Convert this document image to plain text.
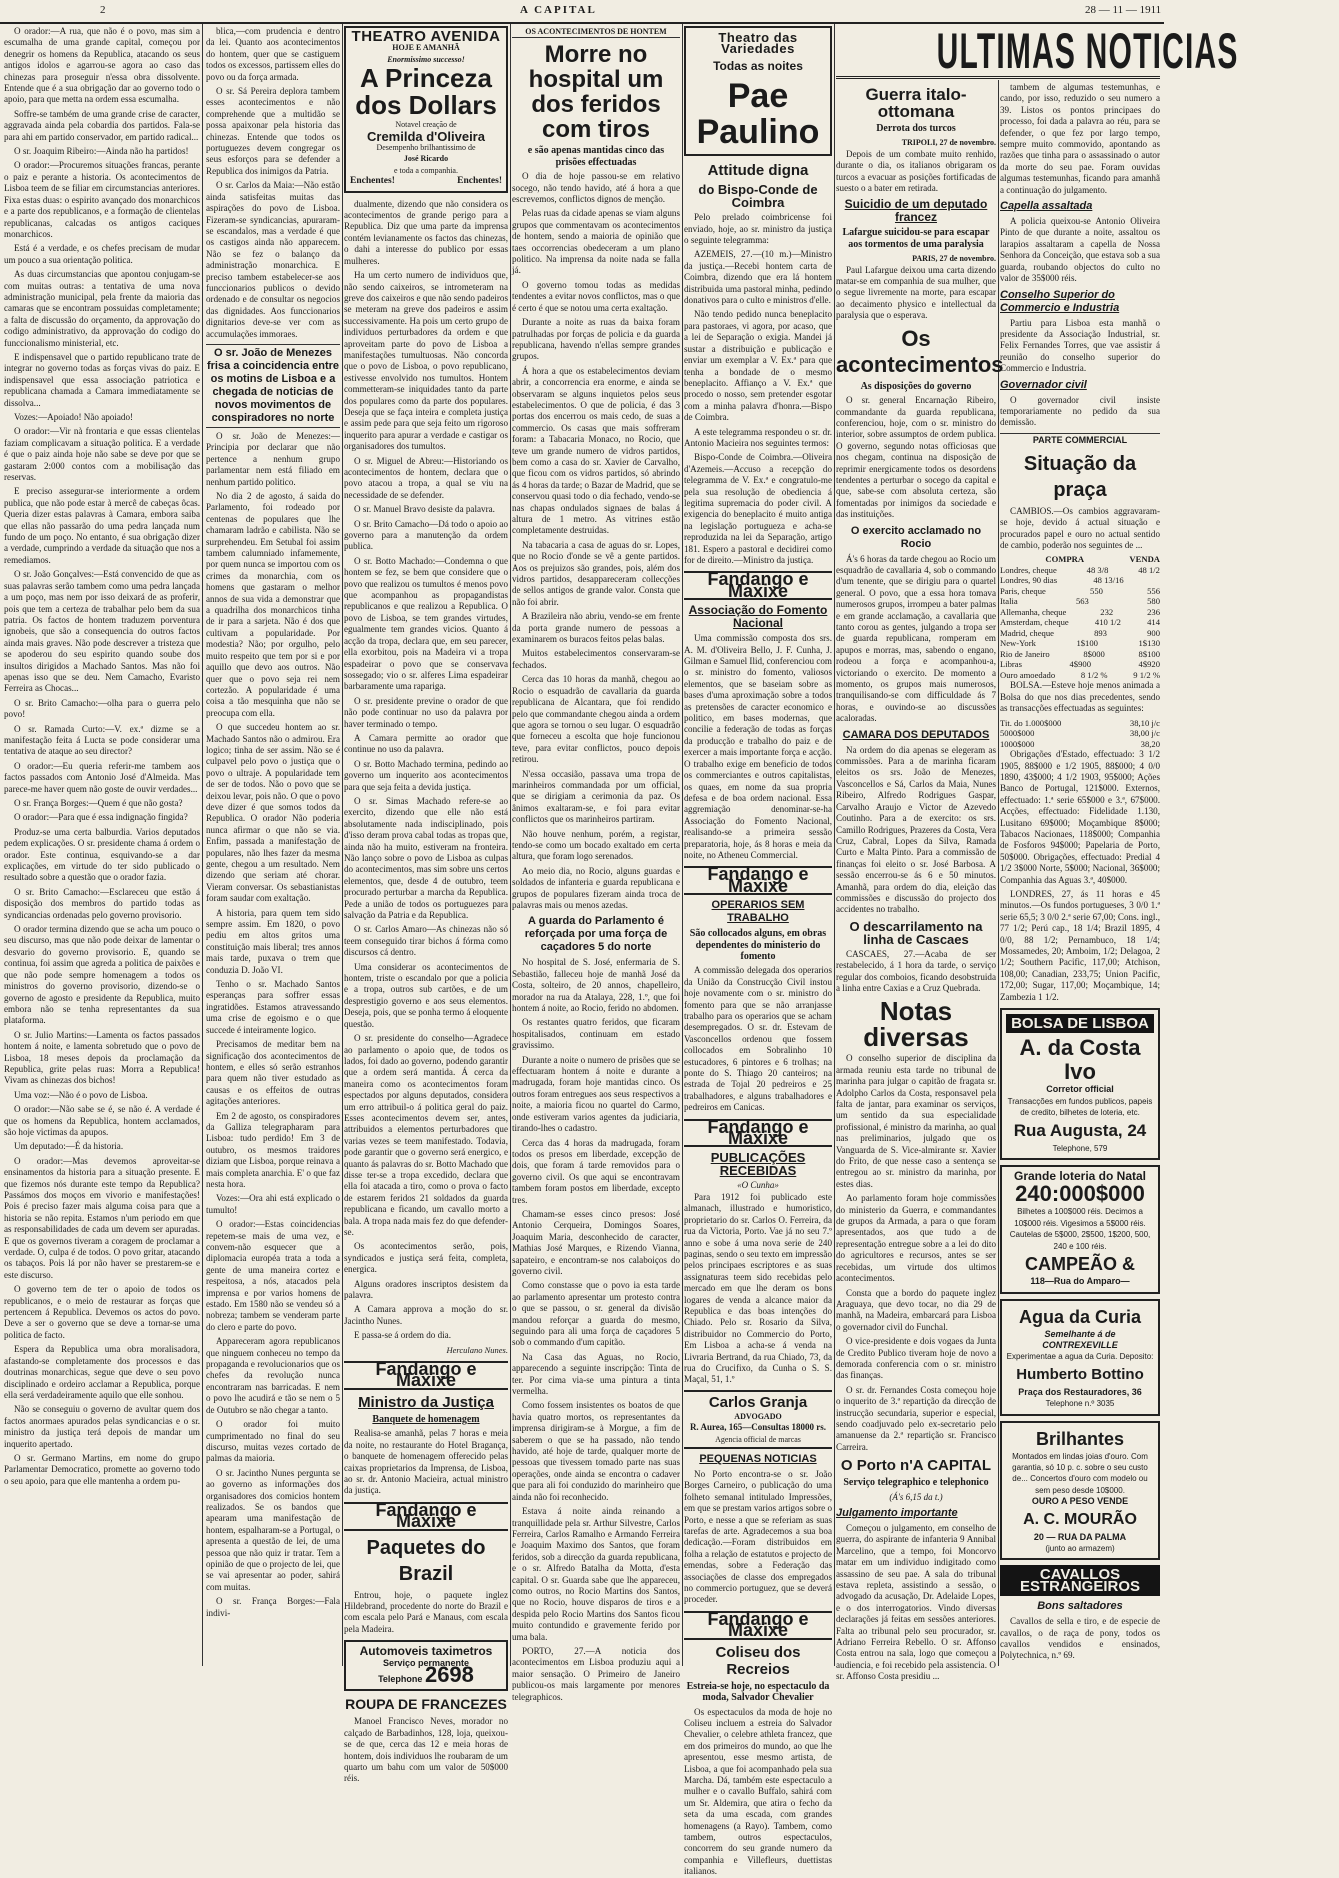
2	A CAPITAL	28 — 11 — 1911

O orador:—A rua, que não é o povo, mas sim a escumalha de uma grande capital, começou por denegrir os homens da Republica, atacando os seus antigos idolos e agarrou-se agora ao caso das chinezas para proseguir n'essa obra dissolvente. Entende que é a sua obrigação dar ao governo todo o apoio, para que metta na ordem essa escumalha.

Soffre-se também de uma grande crise de caracter, aggravada ainda pela cobardia dos partidos. Fala-se para ahi em partido conservador, em partido radical...

O sr. Joaquim Ribeiro:—Ainda não ha partidos!

O orador:—Procuremos situações francas, perante o paiz e perante a historia. Os acontecimentos de Lisboa teem de se filiar em circumstancias anteriores. Fixa estas duas: o espirito avançado dos monarchicos e a parte dos republicanos, e a formação de clientelas republicanas, calcadas os antigos caciques monarchicos.

Está é a verdade, e os chefes precisam de mudar um pouco a sua orientação politica.

As duas circumstancias que apontou conjugam-se com muitas outras: a tentativa de uma nova administração municipal, pela frente da maioria das camaras que se encontram possuidas completamente; a falta de discussão do orçamento, da approvação do codigo administrativo, da approvação do codigo do funccionalismo ministerial, etc.

E indispensavel que o partido republicano trate de integrar no governo todas as forças vivas do paiz. E indispensavel que essa associação patriotica e republicana chamada a Camara immediatamente se dissolva...

Vozes:—Apoiado! Não apoiado!

O orador:—Vir nà frontaria e que essas clientelas faziam complicavam a situação politica. E a verdade é que o paiz ainda hoje não sabe se deve por que se gastaram 2:000 contos com a mobilisação das reservas.

E preciso assegurar-se interiormente a ordem publica, que não pode estar à mercê de cabeças ôcas. Queria dizer estas palavras à Camara, embora saiba que ellas não passarão do uma pedra lançada num fundo de um poço. No entanto, é sua obrigação dizer a verdade, cumprindo a verdade da situação que nos a remediamos.

O sr. João Gonçalves:—Está convencido de que as suas palavras serão tambem como uma pedra lançada a um poço, mas nem por isso deixará de as proferir, pois que tem a certeza de trabalhar pelo bem da sua patria. Os factos de hontem traduzem porventura ignobeis, que são a consequencia do outros factos ainda mais graves. Não pode descrever a tristeza que se apoderou do seu espirito quando soube dos insultos dirigidos a Machado Santos. Mas não foi apenas isso que se deu. Nem Camacho, Evaristo Ferreira as Chocas...

O sr. Brito Camacho:—olha para o guerra pelo povo!

O sr. Ramada Curto:—V. ex.ª dizme se a manifestação feita á Lucta se pode considerar uma tentativa de ataque ao seu director?

O orador:—Eu queria referir-me tambem aos factos passados com Antonio José d'Almeida. Mas parece-me haver quem não goste de ouvir verdades...

O sr. França Borges:—Quem é que não gosta?

O orador:—Para que é essa indignação fingida?

Produz-se uma certa balburdia. Varios deputados pedem explicações. O sr. presidente chama á ordem o orador. Este continua, esquivando-se a dar explicações, em virtude do ter sido publicado o resultado sobre a questão que o orador fazia.

O sr. Brito Camacho:—Esclareceu que estão á disposição dos membros do partido todas as syndicancias ordenadas pelo governo provisorio.

O orador termina dizendo que se acha um pouco o seu discurso, mas que não pode deixar de lamentar o desvario do governo provisorio. E, quando se continua, foi assim que agreda a politica de paixões e que não pode sempre homenagem a todos os ministros do governo provisorio, dizendo-se o governo de agosto e presidente da Republica, muito embora não se tenha representantes da sua plataforma.

O sr. Julio Martins:—Lamenta os factos passados hontem á noite, e lamenta sobretudo que o povo de Lisboa, 18 meses depois da proclamação da Republica, grite pelas ruas: Morra a Republica! Vivam as chinezas dos bichos!

Uma voz:—Não é o povo de Lisboa.

O orador:—Não sabe se é, se não é. A verdade é que os homens da Republica, hontem acclamados, são hoje victimas da apupos.

Um deputado:—É da historia.

O orador:—Mas devemos aproveitar-se ensinamentos da historia para a situação presente. E que fizemos nós durante este tempo da Republica? Passámos dos moços em vivorio e manifestações! Pois é preciso fazer mais alguma coisa para que a historia se não repita. Estamos n'um periodo em que as responsabilidades de cada um devem ser apuradas. E que os governos tiveram a coragem de proclamar a verdade. O, culpa é de todos. O povo gritar, atacando os tabaços. Pois lá por não haver se prestarem-se e este discurso.

O governo tem de ter o apoio de todos os republicanos, e o meio de restaurar as forças que pertencem á Republica. Devemos os actos do povo. Deve a ser o governo que se deve a tornar-se uma politica de facto.

Espera da Republica uma obra moralisadora, afastando-se completamente dos processos e das doutrinas monarchicas, segue que deve o seu povo disciplinado e ordeiro acclamar a Republica, porque ella será verdadeiramente aquilo que elle sonhou.

Não se conseguiu o governo de avultar quem dos factos anormaes apurados pelas syndicancias e o sr. ministro da justiça terá depois de mandar um inquerito apertado.

O sr. Germano Martins, em nome do grupo Parlamentar Democratico, promette ao governo todo o seu apoio, para que elle mantenha a ordem pu-

blica,—com prudencia e dentro da lei. Quanto aos acontecimentos do hontem, quer que se castiguem todos os excessos, partissem elles do povo ou da força armada.

O sr. Sá Pereira deplora tambem esses acontecimentos e não comprehende que a multidão se possa apaixonar pela historia das chinezas. Entende que todos os portuguezes devem congregar os seus esforços para se defender a Republica dos inimigos da Patria.

O sr. Carlos da Maia:—Não estão ainda satisfeitas muitas das aspirações do povo de Lisboa. Fizeram-se syndicancias, apuraram-se escandalos, mas a verdade é que os castigos ainda não apparecem. Não se fez o balanço da administração monarchica. E preciso tambem estabelecer-se aos funccionarios publicos o devido ordenado e de consultar os negocios das dignidades. Aos funccionarios dignitarios deve-se ver com as accumulações immoraes.

O sr. João de Menezes frisa a coincidencia entre os motins de Lisboa e a chegada de noticias de novos movimentos de conspiradores no norte

O sr. João de Menezes:—Principia por declarar que não pertence a nenhum grupo parlamentar nem está filiado em nenhum partido politico.

No dia 2 de agosto, á saida do Parlamento, foi rodeado por centenas de populares que lhe chamaram ladrão e cabilista. Não se surprehendeu. Em Setubal foi assim tambem calumniado infamemente, por quem nunca se importou com os crimes da monarchia, com os homens que gastaram o melhor annos de sua vida a demonstrar que a quadrilha dos monarchicos tinha de ir para a sarjeta. Não é dos que cultivam a popularidade. Por modestia? Não; por orgulho, pelo muito respeito que tem por si e por aquillo que devo aos outros. Não quer que o povo seja rei nem cortezão. A popularidade é uma coisa a tão mesquinha que não se preocupa com ella.

O que succedeu hontem ao sr. Machado Santos não o admirou. Era logico; tinha de ser assim. Não se é culpavel pelo povo o justiça que o povo o ultraje. A popularidade tem de ser de todos. Não o povo que se deixou levar, pois não. O que o povo deve dizer é que somos todos da Republica. O orador Não poderia nunca afirmar o que não se via. Enfim, passada a manifestação de populares, não lhes fazer da mesma gente, chegou a um resultado. Nem dizendo que seriam até chorar. Vieram conversar. Os sebastianistas foram saudar com exaltação.

A historia, para quem tem sido sempre assim. Em 1820, o povo pediu em altos gritos uma constituição mais liberal; tres annos mais tarde, puxava o trem que conduzia D. João VI.

Tenho o sr. Machado Santos esperanças para soffrer essas ingratidões. Estamos atravessando uma crise de egoismo e o que succede é inteiramente logico.

Precisamos de meditar bem na significação dos acontecimentos de hontem, e elles só serão estranhos para quem não tiver estudado as causas e os effeitos de outras agitações anteriores.

Em 2 de agosto, os conspiradores da Galliza telegrapharam para Lisboa: tudo perdido! Em 3 de outubro, os mesmos traidores diziam que Lisboa, porque reinava a mais completa anarchia. E' o que faz nesta hora.

Vozes:—Ora ahi está explicado o tumulto!

O orador:—Estas coincidencias repetem-se mais de uma vez, e convem-não esquecer que a diplomacia européa trata a toda a gente de uma maneira cortez e respeitosa, a nós, atacados pela imprensa e por varios homens de estado. Em 1580 não se vendeu só a nobreza; tambem se venderam parte do clero e parte do povo.

Appareceram agora republicanos que ninguem conheceu no tempo da propaganda e revolucionarios que os chefes da revolução nunca encontraram nas barricadas. E nem o povo lhe acudirá e tão se nem o 5 de Outubro se não chegar a tanto.

O orador foi muito cumprimentado no final do seu discurso, muitas vezes cortado de palmas da maioria.

O sr. Jacintho Nunes pergunta se ao governo as informações dos organisadores dos comicios hontem realizados. Se os bandos que apearam uma manifestação de hontem, espalharam-se a Portugal, o apresenta a questão de lei, de uma pessoa que não quiz ir tratar. Tem a opinião de que o projecto de lei, que se vai apresentar ao poder, sahirá com muitas.

O sr. França Borges:—Fala indivi-

THEATRO AVENIDA
HOJE E AMANHÃ
Enormissimo successo!
A Princeza dos Dollars
Notavel creação de
Cremilda d'Oliveira
Desempenho brilhantissimo de
José Ricardo
e toda a companhia.
Enchentes!	Enchentes!

dualmente, dizendo que não considera os acontecimentos de grande perigo para a Republica. Diz que uma parte da imprensa contém levianamente os factos das chinezas, o dahi a interesse do publico por essas mulheres.

Ha um certo numero de individuos que, não sendo caixeiros, se intrometeram na greve dos caixeiros e que não sendo padeiros se meteram na greve dos padeiros e assim successivamente. Ha pois um certo grupo de individuos perturbadores da ordem e que aproveitam parte do povo de Lisboa a manifestações tumultuosas. Não concorda que o povo de Lisboa, o povo republicano, estivesse envolvido nos tumultos. Hontem commetteram-se iniquidades tanto da parte dos populares como da parte dos populares. Deseja que se faça inteira e completa justiça e assim pede para que seja feito um rigoroso inquerito para apurar a verdade e castigar os organisadores dos tumultos.

O sr. Miguel de Abreu:—Historiando os acontecimentos de hontem, declara que o povo atacou a tropa, a qual se viu na necessidade de se defender.

O sr. Manuel Bravo desiste da palavra.

O sr. Brito Camacho—Dá todo o apoio ao governo para a manutenção da ordem publica.

O sr. Botto Machado:—Condemna o que hontem se fez, se bem que considere que o povo que realizou os tumultos é menos povo que acompanhou as propagandistas republicanos e que realizou a Republica. O povo de Lisboa, se tem grandes virtudes, egualmente tem grandes vicios. Quanto á acção da tropa, declara que, em seu parecer, ella exorbitou, pois na Madeira vi a tropa espadeirar o povo que se conservava sossegado; vio o sr. alferes Lima espadeirar barbaramente uma rapariga.

O sr. presidente previne o orador de que não pode continuar no uso da palavra por haver terminado o tempo.

A Camara permitte ao orador que continue no uso da palavra.

O sr. Botto Machado termina, pedindo ao governo um inquerito aos acontecimentos para que seja feita a devida justiça.

O sr. Simas Machado refere-se ao exercito, dizendo que elle não está absolutamente nada indisciplinado, pois d'isso deram prova cabal todas as tropas que, ainda não ha muito, estiveram na fronteira. Não lanço sobre o povo de Lisboa as culpas do acontecimentos, mas sim sobre uns certos elementos, que, desde 4 de outubro, teem procurado perturbar a marcha da Republica. Pede a união de todos os portuguezes para salvação da Patria e da Republica.

O sr. Carlos Amaro—As chinezas não só teem conseguido tirar bichos á fórma como discursos cá dentro.

Uma considerar os acontecimentos de hontem, triste o escandalo por que a policia e a tropa, outros sub cartões, e de um desprestigio governo e aos seus elementos. Deseja, pois, que se ponha termo á eloquente questão.

O sr. presidente do conselho—Agradece ao parlamento o apoio que, de todos os lados, foi dado ao governo, podendo garantir que a ordem será mantida. Á cerca da maneira como os acontecimentos foram espectados por alguns deputados, considera um erro attribuil-o á politica geral do paiz. Esses acontecimentos devem ser, antes, attribuidos a elementos perturbadores que varias vezes se teem manifestado. Todavia, pode garantir que o governo será energico, e quanto ás palavras do sr. Botto Machado que disse ter-se a tropa excedido, declara que ella foi atacada a tiro, como o prova o facto de estarem feridos 21 soldados da guarda republicana e ficando, um cavallo morto a bala. A tropa nada mais fez do que defender-se.

Os acontecimentos serão, pois, syndicados e justiça será feita, completa, energica.

Alguns oradores inscriptos desistem da palavra.

A Camara approva a moção do sr. Jacintho Nunes.

E passa-se á ordem do dia.

Herculano Nunes.
Fandango e Maxixe
Ministro da Justiça
Banquete de homenagem

Realisa-se amanhã, pelas 7 horas e meia da noite, no restaurante do Hotel Bragança, o banquete de homenagem offerecido pelas caixas proprietarios da Imprensa, de Lisboa, ao sr. dr. Antonio Macieira, actual ministro da justiça.

Fandango e Maxixe
Paquetes do Brazil

Entrou, hoje, o paquete inglez Hildebrand, procedente do norte do Brazil e com escala pelo Pará e Manaus, com escala pela Madeira.

Automoveis taximetros
Serviço permanente
Telephone 2698
ROUPA DE FRANCEZES

Manoel Francisco Neves, morador no calçado de Barbadinhos, 128, loja, queixou-se de que, cerca das 12 e meia horas de hontem, dois individuos lhe roubaram de um quarto um bahu com um valor de 50$000 réis.

OS ACONTECIMENTOS DE HONTEM
Morre no hospital um dos feridos com tiros
e são apenas mantidas cinco das prisões effectuadas

O dia de hoje passou-se em relativo socego, não tendo havido, até á hora a que escrevemos, conflictos dignos de menção.

Pelas ruas da cidade apenas se viam alguns grupos que commentavam os acontecimentos de hontem, sendo a maioria de opinião que taes occorrencias obedeceram a um plano politico. Na imprensa da noite nada se falla já.

O governo tomou todas as medidas tendentes a evitar novos conflictos, mas o que é certo é que se notou uma certa exaltação.

Durante a noite as ruas da baixa foram patrulhadas por forças de policia e da guarda republicana, havendo n'ellas sempre grandes grupos.

Á hora a que os estabelecimentos deviam abrir, a concorrencia era enorme, e ainda se observaram se alguns inquietos pelos seus estabelecimentos. O que de policia, é das 3 portas dos encerrou os mais cedo, de suas a commercio. Os casas que mais soffreram foram: a Tabacaria Monaco, no Rocio, que teve um grande numero de vidros partidos, bem como a casa do sr. Xavier de Carvalho, que ficou com os vidros partidos, só abrindo ás 4 horas da tarde; o Bazar de Madrid, que se conservou quasi todo o dia fechado, vendo-se nas chapas ondulados signaes de balas á altura de 1 metro. As vitrines estão completamente destruidas.

Na tabacaria a casa de aguas do sr. Lopes, que no Rocio d'onde se vê a gente partidos. Aos os prejuizos são grandes, pois, além dos vidros partidos, desappareceram collecções de sellos antigos de grande valor. Consta que não foi abrir.

A Brazileira não abriu, vendo-se em frente da porta grande numero de pessoas a examinarem os buracos feitos pelas balas.

Muitos estabelecimentos conservaram-se fechados.

Cerca das 10 horas da manhã, chegou ao Rocio o esquadrão de cavallaria da guarda republicana de Alcantara, que foi rendido pelo que commandante chegou ainda a ordem que agora se tornou o seu lugar. O esquadrão que forneceu a escolta que hoje funcionou teve, para evitar conflictos, pouco depois retirou.

N'essa occasião, passava uma tropa de marinheiros commandada por um official, que se dirigiam a cerimonia da paz. Os ânimos exaltaram-se, e foi para evitar conflictos que os marinheiros partiram.

Não houve nenhum, porém, a registar, tendo-se como um bocado exaltado em certa altura, que foram logo serenados.

Ao meio dia, no Rocio, alguns guardas e soldados de infanteria e guarda republicana e grupos de populares fizeram ainda troca de palavras mais ou menos azedas.

A guarda do Parlamento é reforçada por uma força de caçadores 5 do norte

No hospital de S. José, enfermaria de S. Sebastião, falleceu hoje de manhã José da Costa, solteiro, de 20 annos, chapelleiro, morador na rua da Atalaya, 228, 1.º, que foi hontem á noite, ao Rocio, ferido no abdomen.

Os restantes quatro feridos, que ficaram hospitalisados, continuam em estado gravissimo.

Durante a noite o numero de prisões que se effectuaram hontem á noite e durante a madrugada, foram hoje mantidas cinco. Os outros foram entregues aos seus respectivos a noite, a maioria ficou no quartel do Carmo, onde estiveram varios agentes da judiciaria, tirando-lhes o cadastro.

Cerca das 4 horas da madrugada, foram todos os presos em liberdade, excepção de dois, que foram á tarde removidos para o governo civil. Os que aqui se encontravam tambem foram postos em liberdade, excepto tres.

Chamam-se esses cinco presos: José Antonio Cerqueira, Domingos Soares, Joaquim Maria, desconhecido de caracter, Mathias José Marques, e Rizendo Vianna, sapateiro, e encontram-se nos calaboiços do governo civil.

Como constasse que o povo ia esta tarde ao parlamento apresentar um protesto contra o que se passou, o sr. general da divisão mandou reforçar a guarda do mesmo, seguindo para ali uma força de caçadores 5 sob o commando d'um capitão.

Na Casa das Aguas, no Rocio, apparecendo a seguinte inscripção: Tinta de ter. Por cima via-se uma pintura a tinta vermelha.

Como fossem insistentes os boatos de que havia quatro mortos, os representantes da imprensa dirigiram-se à Morgue, a fim de saberem o que se ha passado, não tendo havido, até hoje de tarde, qualquer morte de pessoas que tivessem tomado parte nas suas operações, onde ainda se encontra o cadaver que para ali foi conduzido do marinheiro que ainda não foi reconhecido.

Estava á noite ainda reinando a tranquillidade pela sr. Arthur Silvestre, Carlos Ferreira, Carlos Ramalho e Armando Ferreira e Joaquim Maximo dos Santos, que foram feridos, sob a direcção da guarda republicana, e o sr. Alfredo Batalha da Motta, d'esta capital. O sr. Guarda sabe que lhe appareceu, como outros, no Rocio Martins dos Santos, que no Rocio, houve disparos de tiros e a despida pelo Rocio Martins dos Santos ficou muito contundido e gravemente ferido por uma bala.

PORTO, 27.—A noticia dos acontecimentos em Lisboa produziu aqui a maior sensação. O Primeiro de Janeiro publicou-os mais largamente por menores telegraphicos.

Theatro das Variedades
Todas as noites
Pae Paulino
Attitude digna
do Bispo-Conde de Coimbra

Pelo prelado coimbricense foi enviado, hoje, ao sr. ministro da justiça o seguinte telegramma:

AZEMEIS, 27.—(10 m.)—Ministro da justiça.—Recebi hontem carta de Coimbra, dizendo que era lá hontem distribuida uma pastoral minha, pedindo donativos para o culto e ministros d'elle.

Não tendo pedido nunca beneplacito para pastoraes, vi agora, por acaso, que a lei de Separação o exigia. Mandei já sustar a distribuição e publicação e enviar um exemplar a V. Ex.ª para que tenha a bondade de o mesmo beneplacito. Affianço a V. Ex.ª que procedo o nosso, sem pretender esgotar com a minha palavra d'honra.—Bispo de Coimbra.

A este telegramma respondeu o sr. dr. Antonio Macieira nos seguintes termos:

Bispo-Conde de Coimbra.—Oliveira d'Azemeis.—Accuso a recepção do telegramma de V. Ex.ª e congratulo-me pela sua resolução de obediencia á legitima supremacia do poder civil. A exigencia do beneplacito é muito antiga na legislação portugueza e acha-se reproduzida na lei da Separação, artigo 181. Espero a pastoral e decidirei como for de direito.—Ministro da justiça.

Fandango e Maxixe
Associação do Fomento Nacional

Uma commissão composta dos srs. A. M. d'Oliveira Bello, J. F. Cunha, J. Gilman e Samuel Ilid, conferenciou com o sr. ministro do fomento, valiosos elementos, que se baseiam sobre as bases d'uma aproximação sobre a todos as pretensões de caracter economico e politico, em bases modernas, que concilie a federação de todas as forças da producção e trabalho do paiz e de exercer a mais importante força e acção. O trabalho exige em beneficio de todos os commerciantes e outros capitalistas, os quaes, em nome da sua propria defesa e de boa ordem nacional. Essa aggremiação denominar-se-ha Associação do Fomento Nacional, realisando-se a primeira sessão preparatoria, hoje, ás 8 horas e meia da noite, no Atheneu Commercial.

Fandango e Maxixe
OPERARIOS SEM TRABALHO
São collocados alguns, em obras dependentes do ministerio do fomento

A commissão delegada dos operarios da União da Construcção Civil instou hoje novamente com o sr. ministro do fomento para que se não arranjasse trabalho para os operarios que se acham desempregados. O sr. dr. Estevam de Vasconcellos ordenou que fossem collocados em Sobralinho 10 estucadores, 6 pintores e 6 trolhas; na ponte do S. Thiago 20 canteiros; na estrada de Tojal 20 pedreiros e 25 trabalhadores, e alguns trabalhadores e pedreiros em Canicas.

Fandango e Maxixe
PUBLICAÇÕES RECEBIDAS
«O Cunha»

Para 1912 foi publicado este almanach, illustrado e humoristico, proprietario do sr. Carlos O. Ferreira, da rua da Victoria, Porto. Vae já no seu 7.º anno e sobe á uma nova serie de 240 paginas, sendo o seu texto em impressão pelos principaes escriptores e as suas assignaturas teem sido recebidas pelo mercado em que lhe deram os bons logares de venda a alcance maior da Republica e das boas intenções do Chiado. Pelo sr. Rosario da Silva, distribuidor no Commercio do Porto, Em Lisboa a acha-se á venda na Livraria Bertrand, da rua Chiado, 73, da rua do Crucifixo, da Cunha o S. S. Maçal, 51, 1.º

Carlos Granja
ADVOGADO
R. Aurea, 165—Consultas 18000 rs.
Agencia official de marcas
PEQUENAS NOTICIAS

No Porto encontra-se o sr. João Borges Carneiro, o publicação do uma folheto semanal intitulado Impressões, em que se prestam varios artigos sobre o Porto, e nesse a que se referiam as suas tarefas de arte. Agradecemos a sua boa dedicação.—Foram distribuidos em folha a relação de estatutos e projecto de emendas, sobre a Federação das associações de classe dos empregados no commercio portuguez, que se deverá proceder.

Fandango e Maxixe
Coliseu dos Recreios
Estreia-se hoje, no espectaculo da moda, Salvador Chevalier

Os espectaculos da moda de hoje no Coliseu incluem a estreia do Salvador Chevalier, o celebre athleta francez, que em dos primeiros do mundo, ao que lhe apresentou, esse mesmo artista, de Lisboa, a que foi acompanhado pela sua Marcha. Dá, também este espectaculo a mulher e o cavallo Buffalo, sahirá com um Sr. Aldemira, que atira o fecho da seta da uma escada, com grandes homenagens (a Rayo). Tambem, como tambem, outros espectaculos, concorrem do seu grande numero da companhia e Villefleurs, duettistas italianos.

ULTIMAS NOTICIAS
Guerra italo-ottomana
Derrota dos turcos
TRIPOLI, 27 de novembro.

Depois de um combate muito renhido, durante o dia, os italianos obrigaram os turcos a evacuar as posições fortificadas de suesto o a bater em retirada.

Suicidio de um deputado francez
Lafargue suicidou-se para escapar aos tormentos de uma paralysia
PARIS, 27 de novembro.

Paul Lafargue deixou uma carta dizendo matar-se em companhia de sua mulher, que o segue livremente na morte, para escapar ao decaimento physico e intellectual da paralysia que o esperava.

Os acontecimentos
As disposições do governo

O sr. general Encarnação Ribeiro, commandante da guarda republicana, conferenciou, hoje, com o sr. ministro do interior, sobre assumptos de ordem publica. O governo, segundo notas officiosas que nos chegam, continua na disposição de reprimir energicamente todos os desordens tendentes a perturbar o socego da capital e que, sabe-se com absoluta certeza, são fomentadas por inimigos da sociedade e das instituições.

O exercito acclamado no Rocio

Á's 6 horas da tarde chegou ao Rocio um esquadrão de cavallaria 4, sob o commando d'um tenente, que se dirigiu para o quartel general. O povo, que a essa hora tomava numerosos grupos, irrompeu a bater palmas e em grande acclamação, a cavallaria que tanto corou as gentes, julgando a tropa ser de guarda republicana, romperam em apupos e morras, mas, sabendo o engano, rodeou a força e acompanhou-a, victoriando o exercito. De momento a momento, os grupos mais numerosos, tranquilisando-se com difficuldade ás 7 horas, e ouvindo-se ao discussões acaloradas.

CAMARA DOS DEPUTADOS

Na ordem do dia apenas se elegeram as commissões. Para a de marinha ficaram eleitos os srs. João de Menezes, Vasconcellos e Sá, Carlos da Maia, Nunes Ribeiro, Alfredo Rodrigues Gaspar, Carvalho Araujo e Victor de Azevedo Coutinho. Para a de exercito: os srs. Camillo Rodrigues, Prazeres da Costa, Vera Cruz, Cabral, Lopes da Silva, Ramada Curto e Malta Pinto. Para a commissão de finanças foi eleito o sr. José Barbosa. A sessão encerrou-se ás 6 e 50 minutos. Amanhã, para ordem do dia, eleição das commissões e discussão do projecto dos accidentes no trabalho.

O descarrilamento na linha de Cascaes

CASCAES, 27.—Acaba de ser restabelecido, á 1 hora da tarde, o serviço regular dos comboios, ficando desobstruida a linha entre Caxias e a Cruz Quebrada.

Notas diversas

O conselho superior de disciplina da armada reuniu esta tarde no tribunal de marinha para julgar o capitão de fragata sr. Adolpho Carlos da Costa, responsavel pela falta de jantar, para examinar os serviços, um sentido da sua especialidade profissional, é ministro da marinha, ao qual nas preliminarios, julgado que os Vanguarda de S. Vice-almirante sr. Xavier do Frito, de que nesse caso a sentença se entregou ao sr. ministro da marinha, por estes dias.

Ao parlamento foram hoje commissões do ministerio da Guerra, e commandantes de grupos da Armada, a para o que foram apresentados, aos que tudo a de representação entregue sobre a a lei do dito do agricultores e recursos, antes se ser recebidas, um virtude dos ultimos acontecimentos.

Consta que a bordo do paquete inglez Araguaya, que devo tocar, no dia 29 de manhã, na Madeira, embarcará para Lisboa o governador civil do Funchal.

O vice-presidente e dois vogaes da Junta de Credito Publico tiveram hoje de novo a demorada conferencia com o sr. ministro das finanças.

O sr. dr. Fernandes Costa começou hoje o inquerito de 3.ª repartição da direcção de instrucção secundaria, superior e especial, sendo coadjuvado pelo ex-secretario pelo amanuense da 2.ª repartição sr. Francisco Carreira.

O Porto n'A CAPITAL
Serviço telegraphico e telephonico
(Á's 6,15 da t.)
Julgamento importante

Começou o julgamento, em conselho de guerra, do aspirante de infanteria 9 Annibal Marcelino, que a tempo, foi Moncorvo matar em um individuo indigitado como assassino de seu pae. A sala do tribunal estava repleta, assistindo a sessão, o advogado da acusação, Dr. Adelaide Lopes, e o dos interrogatorios. Vindo diversas declarações já feitas em sessões anteriores. Falta ao tribunal pelo seu procurador, sr. Adriano Ferreira Rebello. O sr. Affonso Costa entrou na sala, logo que começou a audiencia, e foi recebido pela assistencia. O sr. Affonso Costa presidiu ...

tambem de algumas testemunhas, e cando, por isso, reduzido o seu numero a 39. Listos os pontos principaes do processo, foi dada a palavra ao réu, para se defender, o que fez por largo tempo, sempre muito commovido, apontando as razões que tinha para o assassinado o autor da morte do seu pae. Foram ouvidas algumas testemunhas, ficando para amanhã a continuação do julgamento.

Capella assaltada

A policia queixou-se Antonio Oliveira Pinto de que durante a noite, assaltou os larapios assaltaram a capella de Nossa Senhora da Conceição, que estava sob a sua guarda, roubando objectos do culto no valor de 35$000 réis.

Conselho Superior do Commercio e Industria

Partiu para Lisboa esta manhã o presidente da Associação Industrial, sr. Felix Fernandes Torres, que vae assistir á reunião do conselho superior do Commercio e Industria.

Governador civil

O governador civil insiste temporariamente no pedido da sua demissão.

PARTE COMMERCIAL
Situação da praça

CAMBIOS.—Os cambios aggravaram-se hoje, devido á actual situação e procurados papel e ouro no actual sentido de cambio, poderão nos seguintes de ...

COMPRA	VENDA
Londres, cheque	48 3/8	48 1/2
Londres, 90 dias	48 13/16
Paris, cheque	550	556
Italia	563	580
Allemanha, cheque	232	236
Amsterdam, cheque	410 1/2	414
Madrid, cheque	893	900
New-York	1$100	1$130
Rio de Janeiro	8$000	8$100
Libras	4$900	4$920
Ouro amoedado	8 1/2 %	9 1/2 %

BOLSA.—Esteve hoje menos animada a Bolsa do que nos dias precedentes, sendo as transacções effectuadas as seguintes:

Tit. do 1.000$000	38,10 j/c
5000$000	38,00 j/c
1000$000	38,20

Obrigações d'Estado, effectuado: 3 1/2 1905, 88$000 e 1/2 1905, 88$000; 4 0/0 1890, 43$000; 4 1/2 1903, 95$000; Ações Banco de Portugal, 121$000. Externos, effectuado: 1.ª serie 65$000 e 3.ª, 67$000. Acções, effectuado: Fidelidade 1.130, Lusitano 69$000; Moçambique 8$000; Tabacos Nacionaes, 118$000; Companhia de Fosforos 94$000; Papelaria de Porto, 50$000. Obrigações, effectuado: Predial 4 1/2 3$000 Norte, 5$000; Nacional, 36$000; Companhia das Aguas 3.ª, 40$000.

LONDRES, 27, ás 11 horas e 45 minutos.—Os fundos portugueses, 3 0/0 1.ª serie 65,5; 3 0/0 2.ª serie 67,00; Cons. ingl., 77 1/2; Perú cap., 18 1/4; Brazil 1895, 4 0/0, 88 1/2; Pernambuco, 18 1/4; Mossamedes, 20; Amboim, 1/2; Delagoa, 2 1/2; Southern Pacific, 117,00; Atchison, 108,00; Canadian, 233,75; Union Pacific, 172,00; Sugar, 117,00; Moçambique, 14; Zambezia 1 1/2.

BOLSA DE LISBOA
A. da Costa Ivo
Corretor official
Transacções em fundos publicos, papeis de credito, bilhetes de loteria, etc.
Rua Augusta, 24
Telephone, 579
Grande loteria do Natal
240:000$000
Bilhetes a 100$000 réis. Decimos a 10$000 réis. Vigesimos a 5$000 réis. Cautelas de 5$000, 2$500, 1$200, 500, 240 e 100 réis.
CAMPEÃO &
118—Rua do Amparo—
Agua da Curia
Semelhante á de CONTREXEVILLE
Experimentae a agua da Curia. Deposito:
Humberto Bottino
Praça dos Restauradores, 36
Telephone n.º 3035
Brilhantes
Montados em lindas joias d'ouro. Com garantia, só 10 p. c. sobre o seu custo de... Concertos d'ouro com modelo ou sem peso desde 10$000.
OURO A PESO VENDE
A. C. MOURÃO
20 — RUA DA PALMA
(junto ao armazem)
CAVALLOS ESTRANGEIROS
Bons saltadores

Cavallos de sella e tiro, e de especie de cavallos, o de raça de pony, todos os cavallos vendidos e ensinados, Polytechnica, n.º 69.
